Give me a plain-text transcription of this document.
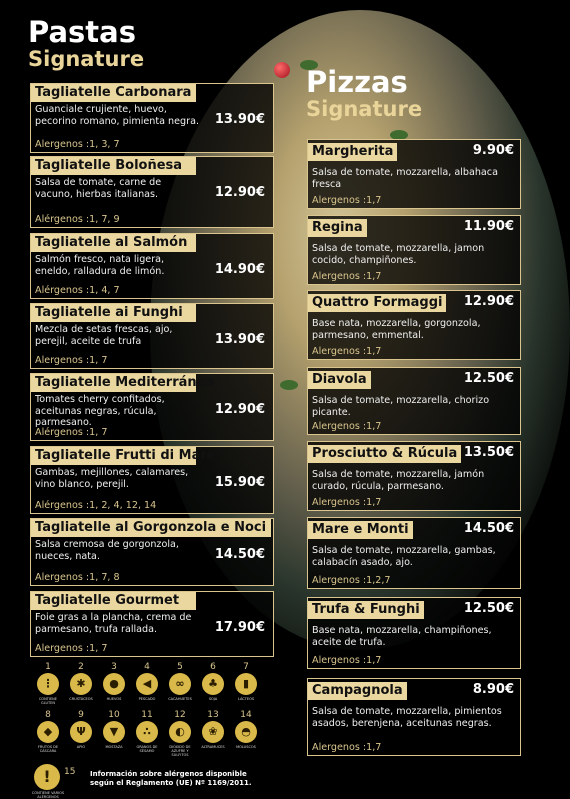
Pastas
Signature
Pizzas
Signature
Tagliatelle Carbonara
Guanciale crujiente, huevo, pecorino romano, pimienta negra.
Alergenos :1, 3, 7
13.90€
Tagliatelle Boloñesa
Salsa de tomate, carne de vacuno, hierbas italianas.
Alérgenos :1, 7, 9
12.90€
Tagliatelle al Salmón
Salmón fresco, nata ligera, eneldo, ralladura de limón.
Alérgenos :1, 4, 7
14.90€
Tagliatelle ai Funghi
Mezcla de setas frescas, ajo, perejil, aceite de trufa
Alergenos :1, 7
13.90€
Tagliatelle Mediterránea
Tomates cherry confitados, aceitunas negras, rúcula, parmesano.
Alérgenos :1, 7
12.90€
Tagliatelle Frutti di Mare
Gambas, mejillones, calamares, vino blanco, perejil.
Alérgenos :1, 2, 4, 12, 14
15.90€
Tagliatelle al Gorgonzola e Noci
Salsa cremosa de gorgonzola, nueces, nata.
Alergenos :1, 7, 8
14.50€
Tagliatelle Gourmet
Foie gras a la plancha, crema de parmesano, trufa rallada.
Alergenos :1, 7
17.90€
Margherita	9.90€
Salsa de tomate, mozzarella, albahaca fresca
Alergenos :1,7
Regina	11.90€
Salsa de tomate, mozzarella, jamon cocido, champiñones.
Alergenos :1,7
Quattro Formaggi 12.90€
Base nata, mozzarella, gorgonzola, parmesano, emmental.
Alergenos :1,7
Diavola	12.50€
Salsa de tomate, mozzarella, chorizo picante.
Alergenos :1,7
Prosciutto & Rúcula 13.50€
Salsa de tomate, mozzarella, jamón curado, rúcula, parmesano.
Alergenos :1,7
Mare e Monti	14.50€
Salsa de tomate, mozzarella, gambas, calabacín asado, ajo.
Alergenos :1,2,7
Trufa & Funghi	12.50€
Base nata, mozzarella, champiñones, aceite de trufa.
Alergenos :1,7
Campagnola	8.90€
Salsa de tomate, mozzarella, pimientos asados, berenjena, aceitunas negras.
Alergenos :1,7
1
⋮
CONTIENE GLUTEN
2
✱
CRUSTÁCEOS
3
●
HUEVOS
4
◀
PESCADO
5
∞
CACAHUETES
6
♣
SOJA
7
▮
LÁCTEOS
8
◆
FRUTOS DE CÁSCARA
9
Ψ
APIO
10
▼
MOSTAZA
11
∴
GRANOS DE SÉSAMO
12
◐
DIÓXIDO DE AZUFRE Y SULFITOS
13
❀
ALTRAMUCES
14
◓
MOLUSCOS
!	15
CONTIENE VARIOS ALÉRGENOS
Información sobre alérgenos disponible
según el Reglamento (UE) Nº 1169/2011.
